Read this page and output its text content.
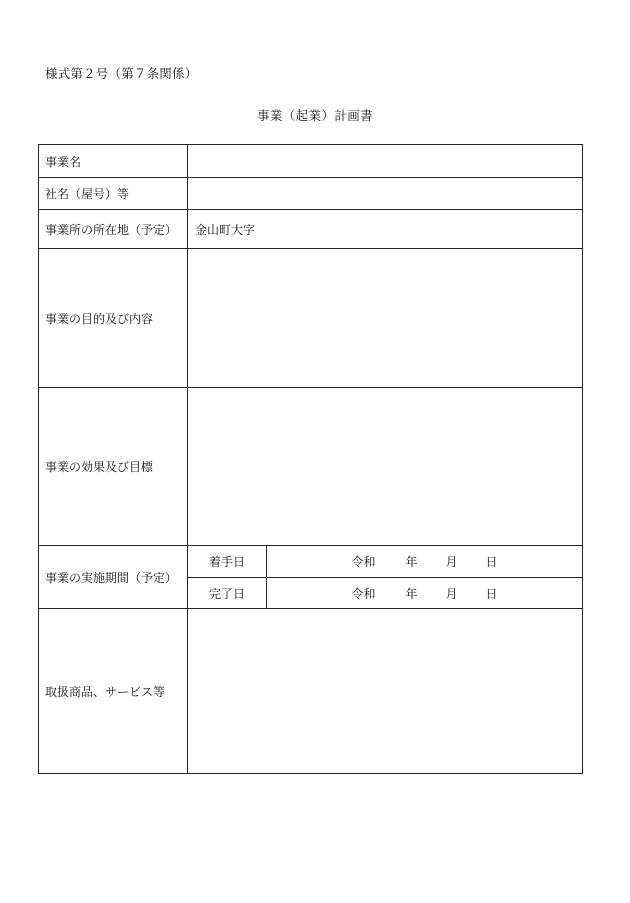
様式第２号（第７条関係）
事業（起業）計画書
事業名		
社名（屋号）等		
事業所の所在地（予定）	金山町大字	
事業の目的及び内容		
事業の効果及び目標		
事業の実施期間（予定）	着手日	令和 年 月 日

	完了日	令和 年 月 日

取扱商品、サービス等		
